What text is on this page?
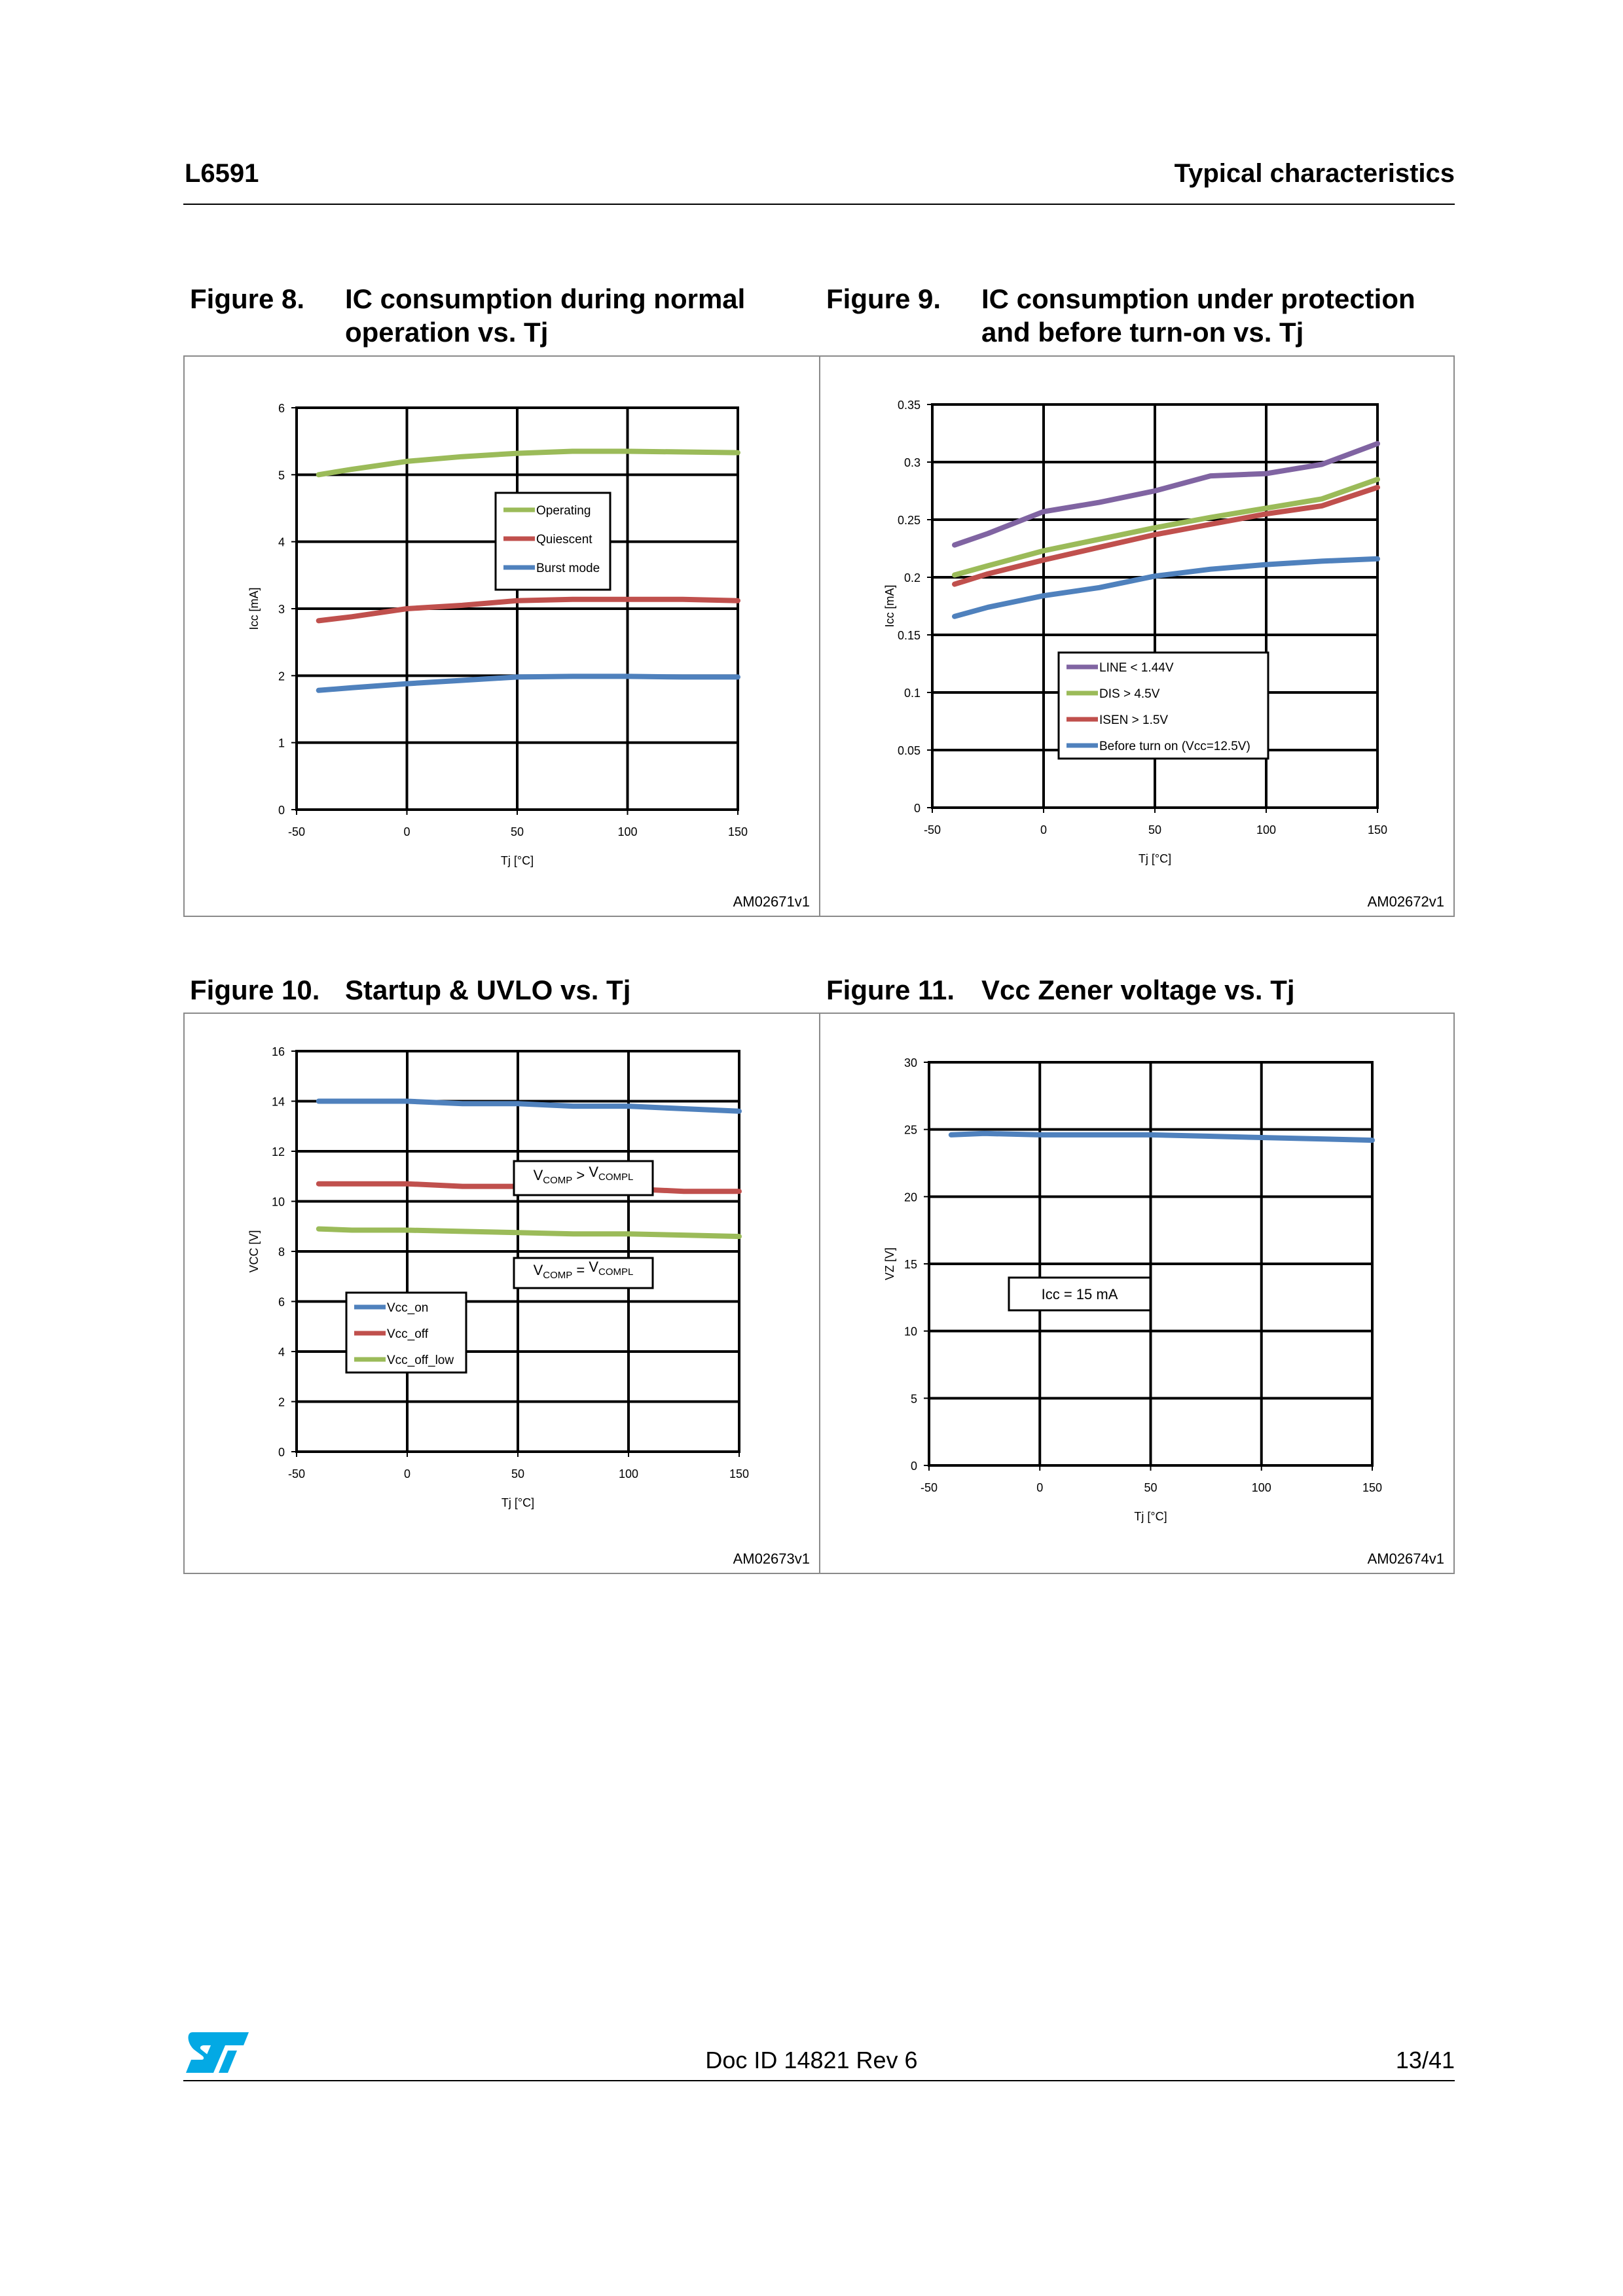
L6591	Typical characteristics
Figure 8. IC consumption during normal operation vs. Tj
-50	0	50	100	150
0
1
2
3
4
5
6
Tj [°C]
Icc [mA]
Operating
Quiescent
Burst mode
AM02671v1
Figure 9. IC consumption under protection and before turn-on vs. Tj
-50	0	50	100	150
0
0.05
0.1
0.15
0.2
0.25
0.3
0.35
Tj [°C]
Icc [mA]
LINE < 1.44V
DIS > 4.5V
ISEN > 1.5V
Before turn on (Vcc=12.5V)
AM02672v1
Figure 10. Startup & UVLO vs. Tj
-50	0	50	100	150
0
2
4
6
8
10
12
14
16
Tj [°C]
VCC [V]
Vcc_on
Vcc_off
Vcc_off_low
$V_{COMP} > V_{COMPL}$
$V_{COMP} = V_{COMPL}$
AM02673v1
Figure 11. Vcc Zener voltage vs. Tj
-50	0	50	100	150
0
5
10
15
20
25
30
Tj [°C]
VZ [V]
Icc = 15 mA
AM02674v1
Doc ID 14821 Rev 6	13/41
